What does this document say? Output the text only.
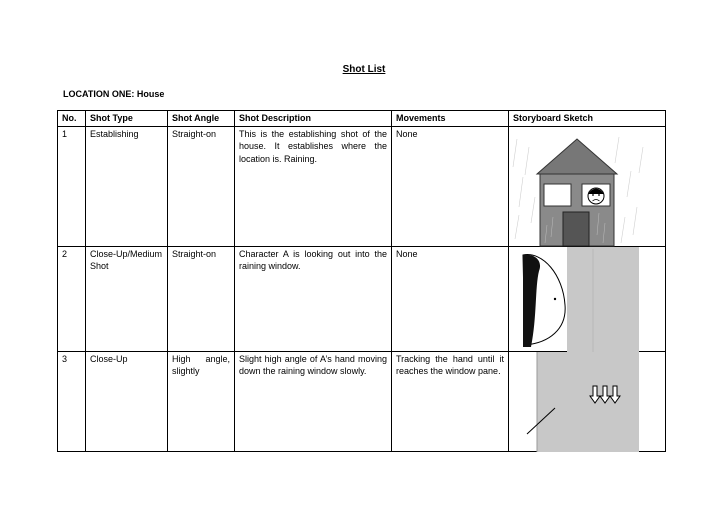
Shot List
LOCATION ONE: House
No.	Shot Type	Shot Angle	Shot Description	Movements	Storyboard Sketch
1	Establishing	Straight-on	This is the establishing shot of the house. It establishes where the location is. Raining.	None	

2	Close-Up/Medium Shot	Straight-on	Character A is looking out into the raining window.	None	

3	Close-Up	High angle, slightly	Slight high angle of A’s hand moving down the raining window slowly.	Tracking the hand until it reaches the window pane.	
